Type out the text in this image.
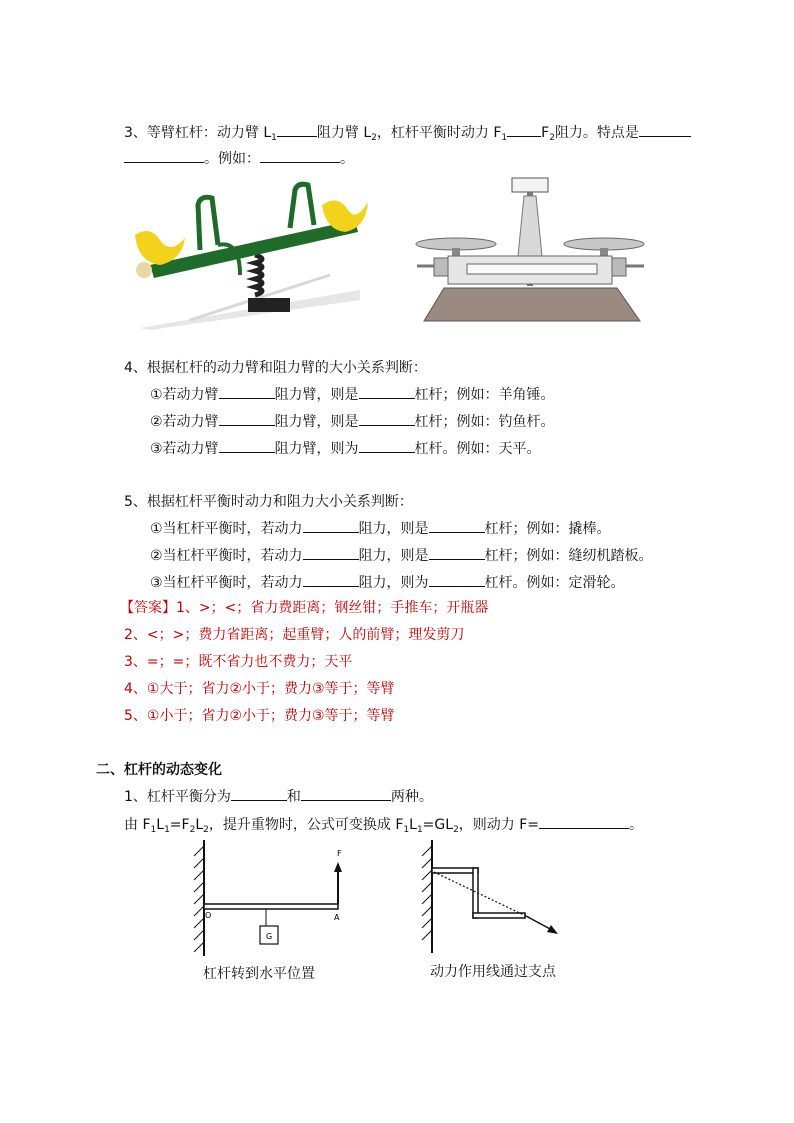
3、等臂杠杆：动力臂 $L_1$	阻力臂 $L_2$，杠杆平衡时动力 $F_1$ $F_2$阻力。特点是
。例如：	。
4、根据杠杆的动力臂和阻力臂的大小关系判断：
①若动力臂	阻力臂，则是	杠杆；例如：羊角锤。
②若动力臂	阻力臂，则是	杠杆；例如：钓鱼杆。
③若动力臂	阻力臂，则为	杠杆。例如：天平。
5、根据杠杆平衡时动力和阻力大小关系判断：
①当杠杆平衡时，若动力	阻力，则是	杠杆；例如：撬棒。
②当杠杆平衡时，若动力	阻力，则是	杠杆；例如：缝纫机踏板。
③当杠杆平衡时，若动力	阻力，则为	杠杆。例如：定滑轮。
【答案】1、>；<；省力费距离；钢丝钳；手推车；开瓶器
2、<；>；费力省距离；起重臂；人的前臂；理发剪刀
3、=；=；既不省力也不费力；天平
4、①大于；省力②小于；费力③等于；等臂
5、①小于；省力②小于；费力③等于；等臂
二、杠杆的动态变化
1、杠杆平衡分为	和	两种。
由 $F_1L_1=F_2L_2$，提升重物时，公式可变换成 $F_1L_1=GL_2$，则动力 F=	。
F
O	A
G
杠杆转到水平位置	动力作用线通过支点
